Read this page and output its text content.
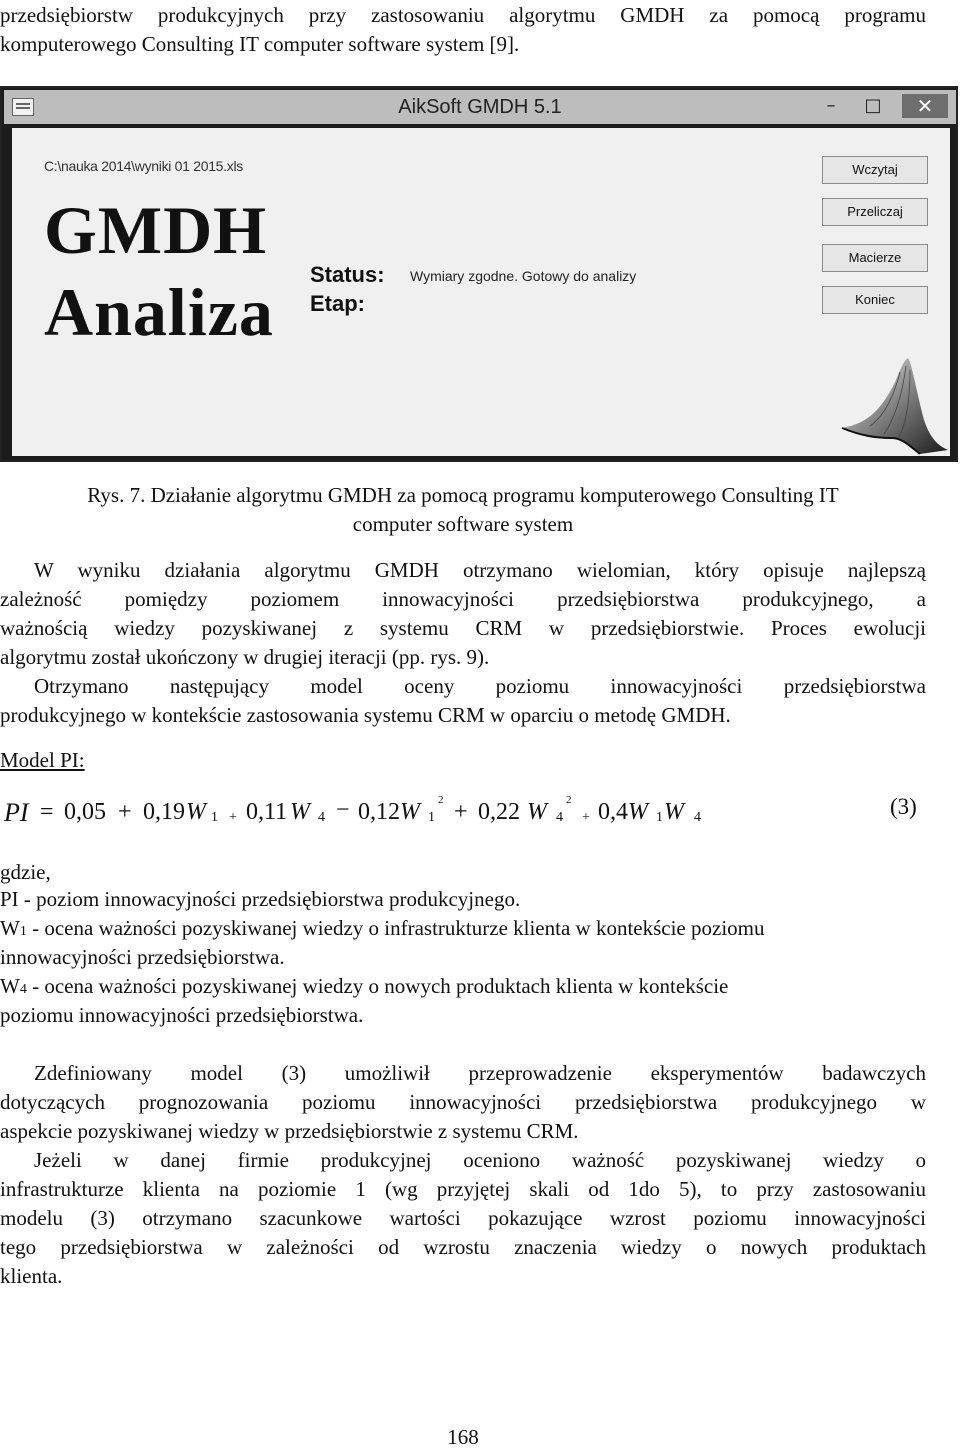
przedsiębiorstw produkcyjnych przy zastosowaniu algorytmu GMDH za pomocą programu
komputerowego Consulting IT computer software system [9].
AikSoft GMDH 5.1	–	□	✕
C:\nauka 2014\wyniki 01 2015.xls
GMDH
Analiza Status: Wymiary zgodne. Gotowy do analizy
Etap:
Wczytaj
Przeliczaj
Macierze
Koniec
Rys. 7. Działanie algorytmu GMDH za pomocą programu komputerowego Consulting IT
computer software system
W wyniku działania algorytmu GMDH otrzymano wielomian, który opisuje najlepszą
zależność pomiędzy poziomem innowacyjności przedsiębiorstwa produkcyjnego, a
ważnością wiedzy pozyskiwanej z systemu CRM w przedsiębiorstwie. Proces ewolucji
algorytmu został ukończony w drugiej iteracji (pp. rys. 9).
Otrzymano następujący model oceny poziomu innowacyjności przedsiębiorstwa
produkcyjnego w kontekście zastosowania systemu CRM w oparciu o metodę GMDH.
Model PI:
PI = 0,05 + 0,19 W 1 + 0,11 W 4 − 0,12 W 2
1 + 0,22 W 2
4 + 0,4 W 1 W 4	(3)
gdzie,
PI - poziom innowacyjności przedsiębiorstwa produkcyjnego.
W1 - ocena ważności pozyskiwanej wiedzy o infrastrukturze klienta w kontekście poziomu
innowacyjności przedsiębiorstwa.
W4 - ocena ważności pozyskiwanej wiedzy o nowych produktach klienta w kontekście
poziomu innowacyjności przedsiębiorstwa.
Zdefiniowany model (3) umożliwił przeprowadzenie eksperymentów badawczych
dotyczących prognozowania poziomu innowacyjności przedsiębiorstwa produkcyjnego w
aspekcie pozyskiwanej wiedzy w przedsiębiorstwie z systemu CRM.
Jeżeli w danej firmie produkcyjnej oceniono ważność pozyskiwanej wiedzy o
infrastrukturze klienta na poziomie 1 (wg przyjętej skali od 1do 5), to przy zastosowaniu
modelu (3) otrzymano szacunkowe wartości pokazujące wzrost poziomu innowacyjności
tego przedsiębiorstwa w zależności od wzrostu znaczenia wiedzy o nowych produktach
klienta.
168
